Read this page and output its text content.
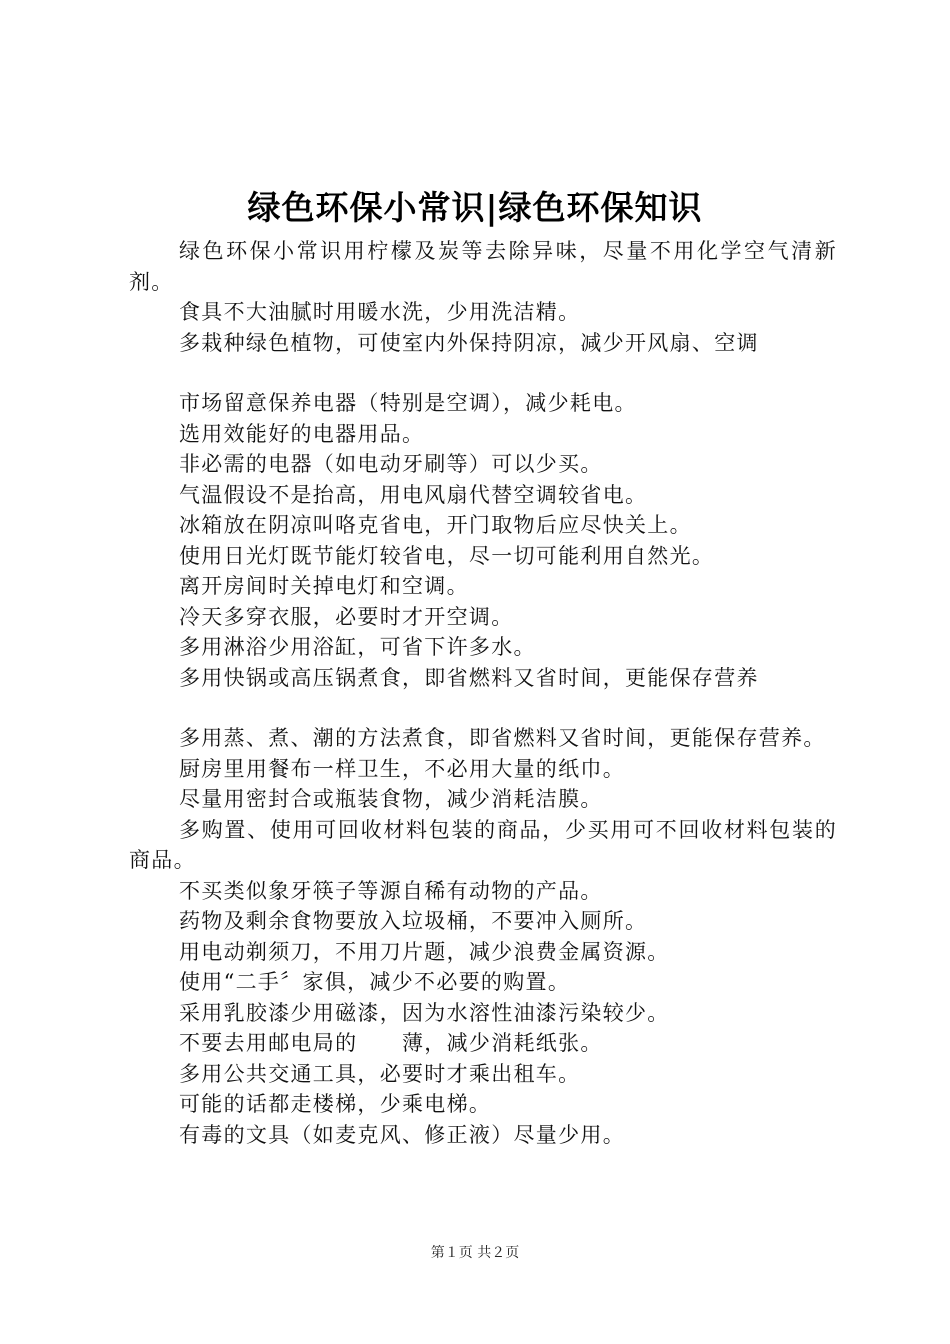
绿色环保小常识|绿色环保知识

绿色环保小常识用柠檬及炭等去除异味，尽量不用化学空气清新剂。

食具不大油腻时用暖水洗，少用洗洁精。

多栽种绿色植物，可使室内外保持阴凉，减少开风扇、空调

市场留意保养电器（特别是空调），减少耗电。

选用效能好的电器用品。

非必需的电器（如电动牙刷等）可以少买。

气温假设不是抬高，用电风扇代替空调较省电。

冰箱放在阴凉叫咯克省电，开门取物后应尽快关上。

使用日光灯既节能灯较省电，尽一切可能利用自然光。

离开房间时关掉电灯和空调。

冷天多穿衣服，必要时才开空调。

多用淋浴少用浴缸，可省下许多水。

多用快锅或高压锅煮食，即省燃料又省时间，更能保存营养

多用蒸、煮、潮的方法煮食，即省燃料又省时间，更能保存营养。

厨房里用餐布一样卫生，不必用大量的纸巾。

尽量用密封合或瓶装食物，减少消耗洁膜。

多购置、使用可回收材料包装的商品，少买用可不回收材料包装的商品。

不买类似象牙筷子等源自稀有动物的产品。

药物及剩余食物要放入垃圾桶，不要冲入厕所。

用电动剃须刀，不用刀片题，减少浪费金属资源。

使用“二手〞家俱，减少不必要的购置。

采用乳胶漆少用磁漆，因为水溶性油漆污染较少。

不要去用邮电局的　　薄，减少消耗纸张。

多用公共交通工具，必要时才乘出租车。

可能的话都走楼梯，少乘电梯。

有毒的文具（如麦克风、修正液）尽量少用。

第１页 共２页
